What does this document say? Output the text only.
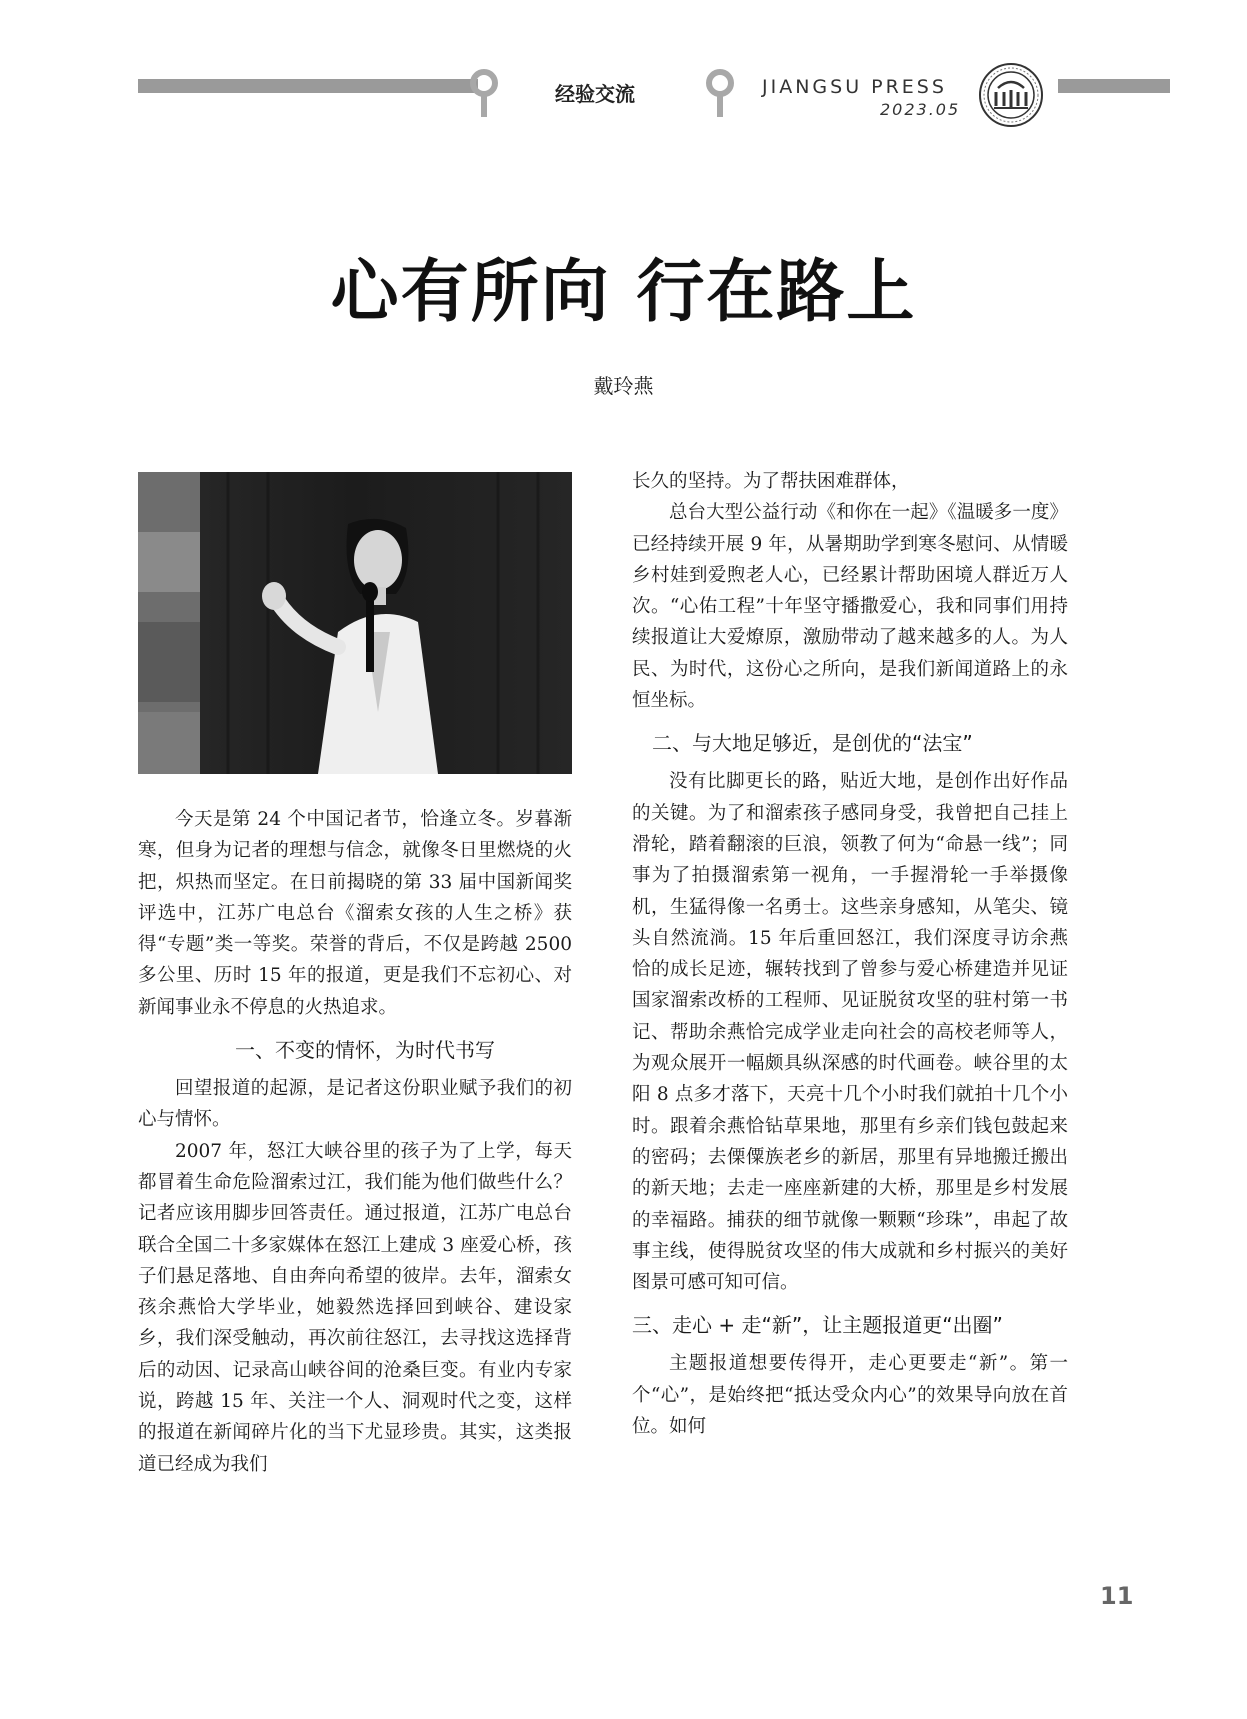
经验交流	JIANGSU PRESS
2023.05
心有所向 行在路上
戴玲燕

今天是第 24 个中国记者节，恰逢立冬。岁暮渐寒，但身为记者的理想与信念，就像冬日里燃烧的火把，炽热而坚定。在日前揭晓的第 33 届中国新闻奖评选中，江苏广电总台《溜索女孩的人生之桥》获得“专题”类一等奖。荣誉的背后，不仅是跨越 2500 多公里、历时 15 年的报道，更是我们不忘初心、对新闻事业永不停息的火热追求。

一、不变的情怀，为时代书写

回望报道的起源，是记者这份职业赋予我们的初心与情怀。

2007 年，怒江大峡谷里的孩子为了上学，每天都冒着生命危险溜索过江，我们能为他们做些什么？记者应该用脚步回答责任。通过报道，江苏广电总台联合全国二十多家媒体在怒江上建成 3 座爱心桥，孩子们悬足落地、自由奔向希望的彼岸。去年，溜索女孩余燕恰大学毕业，她毅然选择回到峡谷、建设家乡，我们深受触动，再次前往怒江，去寻找这选择背后的动因、记录高山峡谷间的沧桑巨变。有业内专家说，跨越 15 年、关注一个人、洞观时代之变，这样的报道在新闻碎片化的当下尤显珍贵。其实，这类报道已经成为我们

长久的坚持。为了帮扶困难群体，

总台大型公益行动《和你在一起》《温暖多一度》已经持续开展 9 年，从暑期助学到寒冬慰问、从情暖乡村娃到爱煦老人心，已经累计帮助困境人群近万人次。“心佑工程”十年坚守播撒爱心，我和同事们用持续报道让大爱燎原，激励带动了越来越多的人。为人民、为时代，这份心之所向，是我们新闻道路上的永恒坐标。

二、与大地足够近，是创优的“法宝”

没有比脚更长的路，贴近大地，是创作出好作品的关键。为了和溜索孩子感同身受，我曾把自己挂上滑轮，踏着翻滚的巨浪，领教了何为“命悬一线”；同事为了拍摄溜索第一视角，一手握滑轮一手举摄像机，生猛得像一名勇士。这些亲身感知，从笔尖、镜头自然流淌。15 年后重回怒江，我们深度寻访余燕恰的成长足迹，辗转找到了曾参与爱心桥建造并见证国家溜索改桥的工程师、见证脱贫攻坚的驻村第一书记、帮助余燕恰完成学业走向社会的高校老师等人，为观众展开一幅颇具纵深感的时代画卷。峡谷里的太阳 8 点多才落下，天亮十几个小时我们就拍十几个小时。跟着余燕恰钻草果地，那里有乡亲们钱包鼓起来的密码；去傈僳族老乡的新居，那里有异地搬迁搬出的新天地；去走一座座新建的大桥，那里是乡村发展的幸福路。捕获的细节就像一颗颗“珍珠”，串起了故事主线，使得脱贫攻坚的伟大成就和乡村振兴的美好图景可感可知可信。

三、走心 + 走“新”，让主题报道更“出圈”

主题报道想要传得开，走心更要走“新”。第一个“心”，是始终把“抵达受众内心”的效果导向放在首位。如何

11
